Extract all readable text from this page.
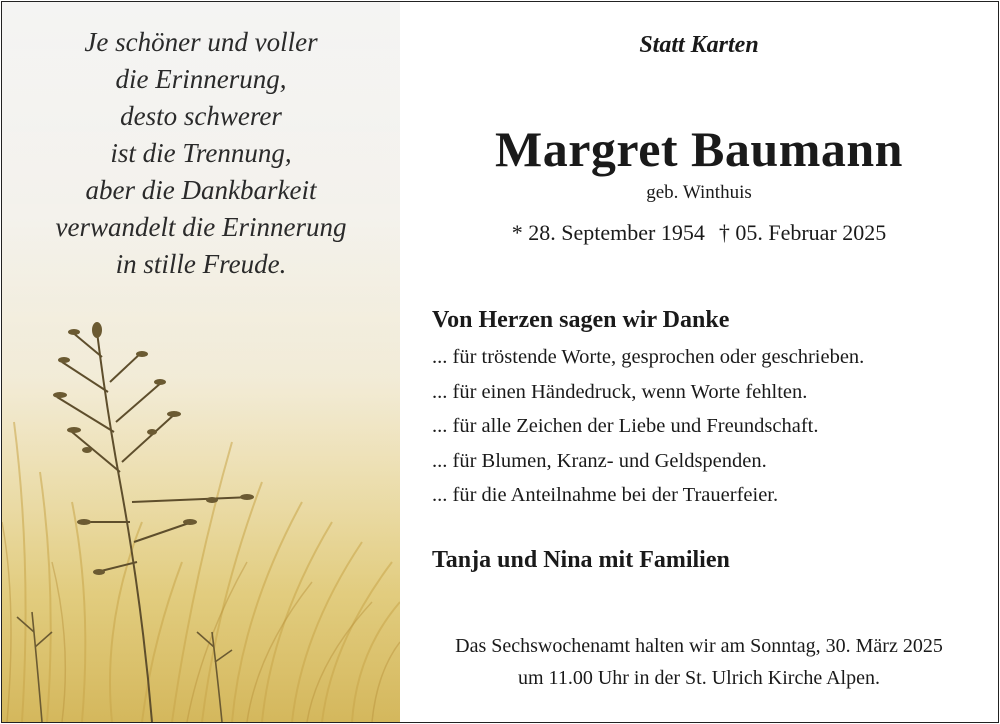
Je schöner und voller
die Erinnerung,
desto schwerer
ist die Trennung,
aber die Dankbarkeit
verwandelt die Erinnerung
in stille Freude.
Statt Karten
Margret Baumann
geb. Winthuis
* 28. September 1954 † 05. Februar 2025
Von Herzen sagen wir Danke
... für tröstende Worte, gesprochen oder geschrieben.
... für einen Händedruck, wenn Worte fehlten.
... für alle Zeichen der Liebe und Freundschaft.
... für Blumen, Kranz- und Geldspenden.
... für die Anteilnahme bei der Trauerfeier.
Tanja und Nina mit Familien
Das Sechswochenamt halten wir am Sonntag, 30. März 2025
um 11.00 Uhr in der St. Ulrich Kirche Alpen.
